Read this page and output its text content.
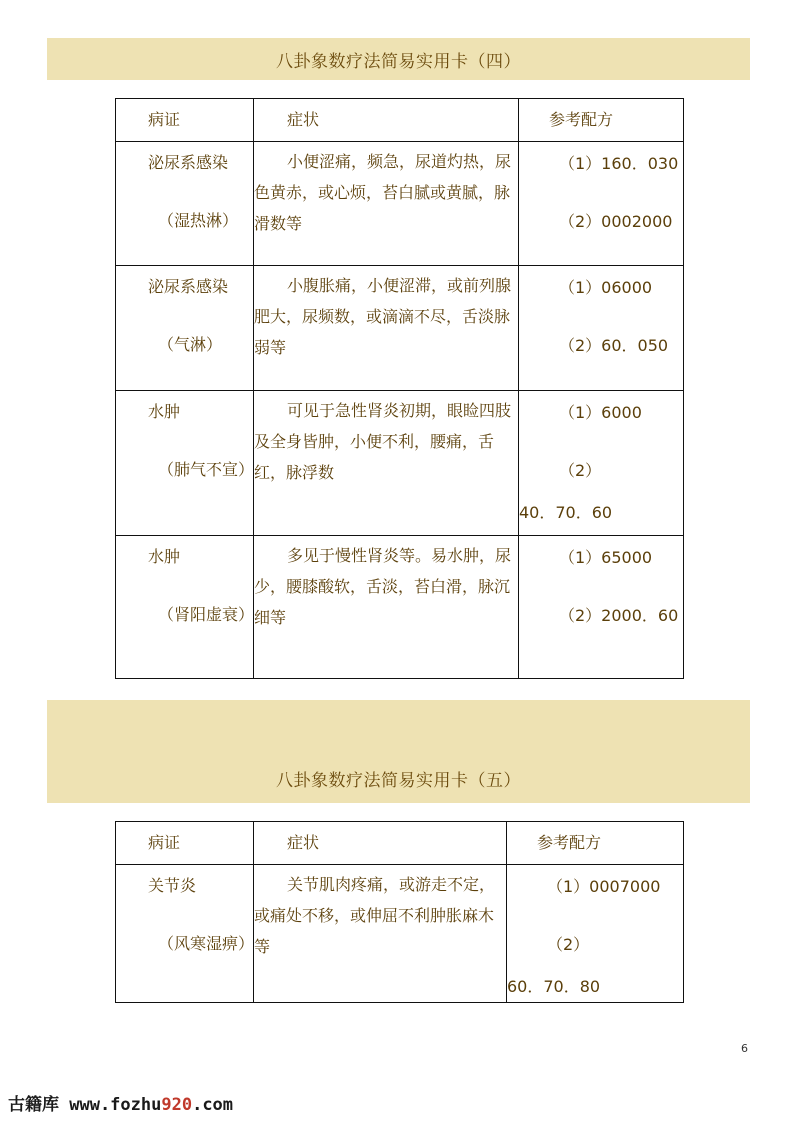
八卦象数疗法简易实用卡（四）
病证	症状	参考配方

泌尿系感染
（湿热淋）	小便涩痛，频急，尿道灼热，尿色黄赤，或心烦，苔白腻或黄腻，脉滑数等	（1）160．030
（2）0002000

泌尿系感染
（气淋）	小腹胀痛，小便涩滞，或前列腺肥大，尿频数，或滴滴不尽，舌淡脉弱等	（1）06000
（2）60．050

水肿
（肺气不宣）	可见于急性肾炎初期，眼睑四肢及全身皆肿，小便不利，腰痛，舌红，脉浮数	（1）6000
（2）
40．70．60

水肿
（肾阳虚衰）	多见于慢性肾炎等。易水肿，尿少，腰膝酸软，舌淡，苔白滑，脉沉细等	（1）65000
（2）2000．60
八卦象数疗法简易实用卡（五）
病证	症状	参考配方

关节炎
（风寒湿痹）	关节肌肉疼痛，或游走不定，或痛处不移，或伸屈不利肿胀麻木等	（1）0007000
（2）
60．70．80
6
古籍库 www.fozhu920.com
